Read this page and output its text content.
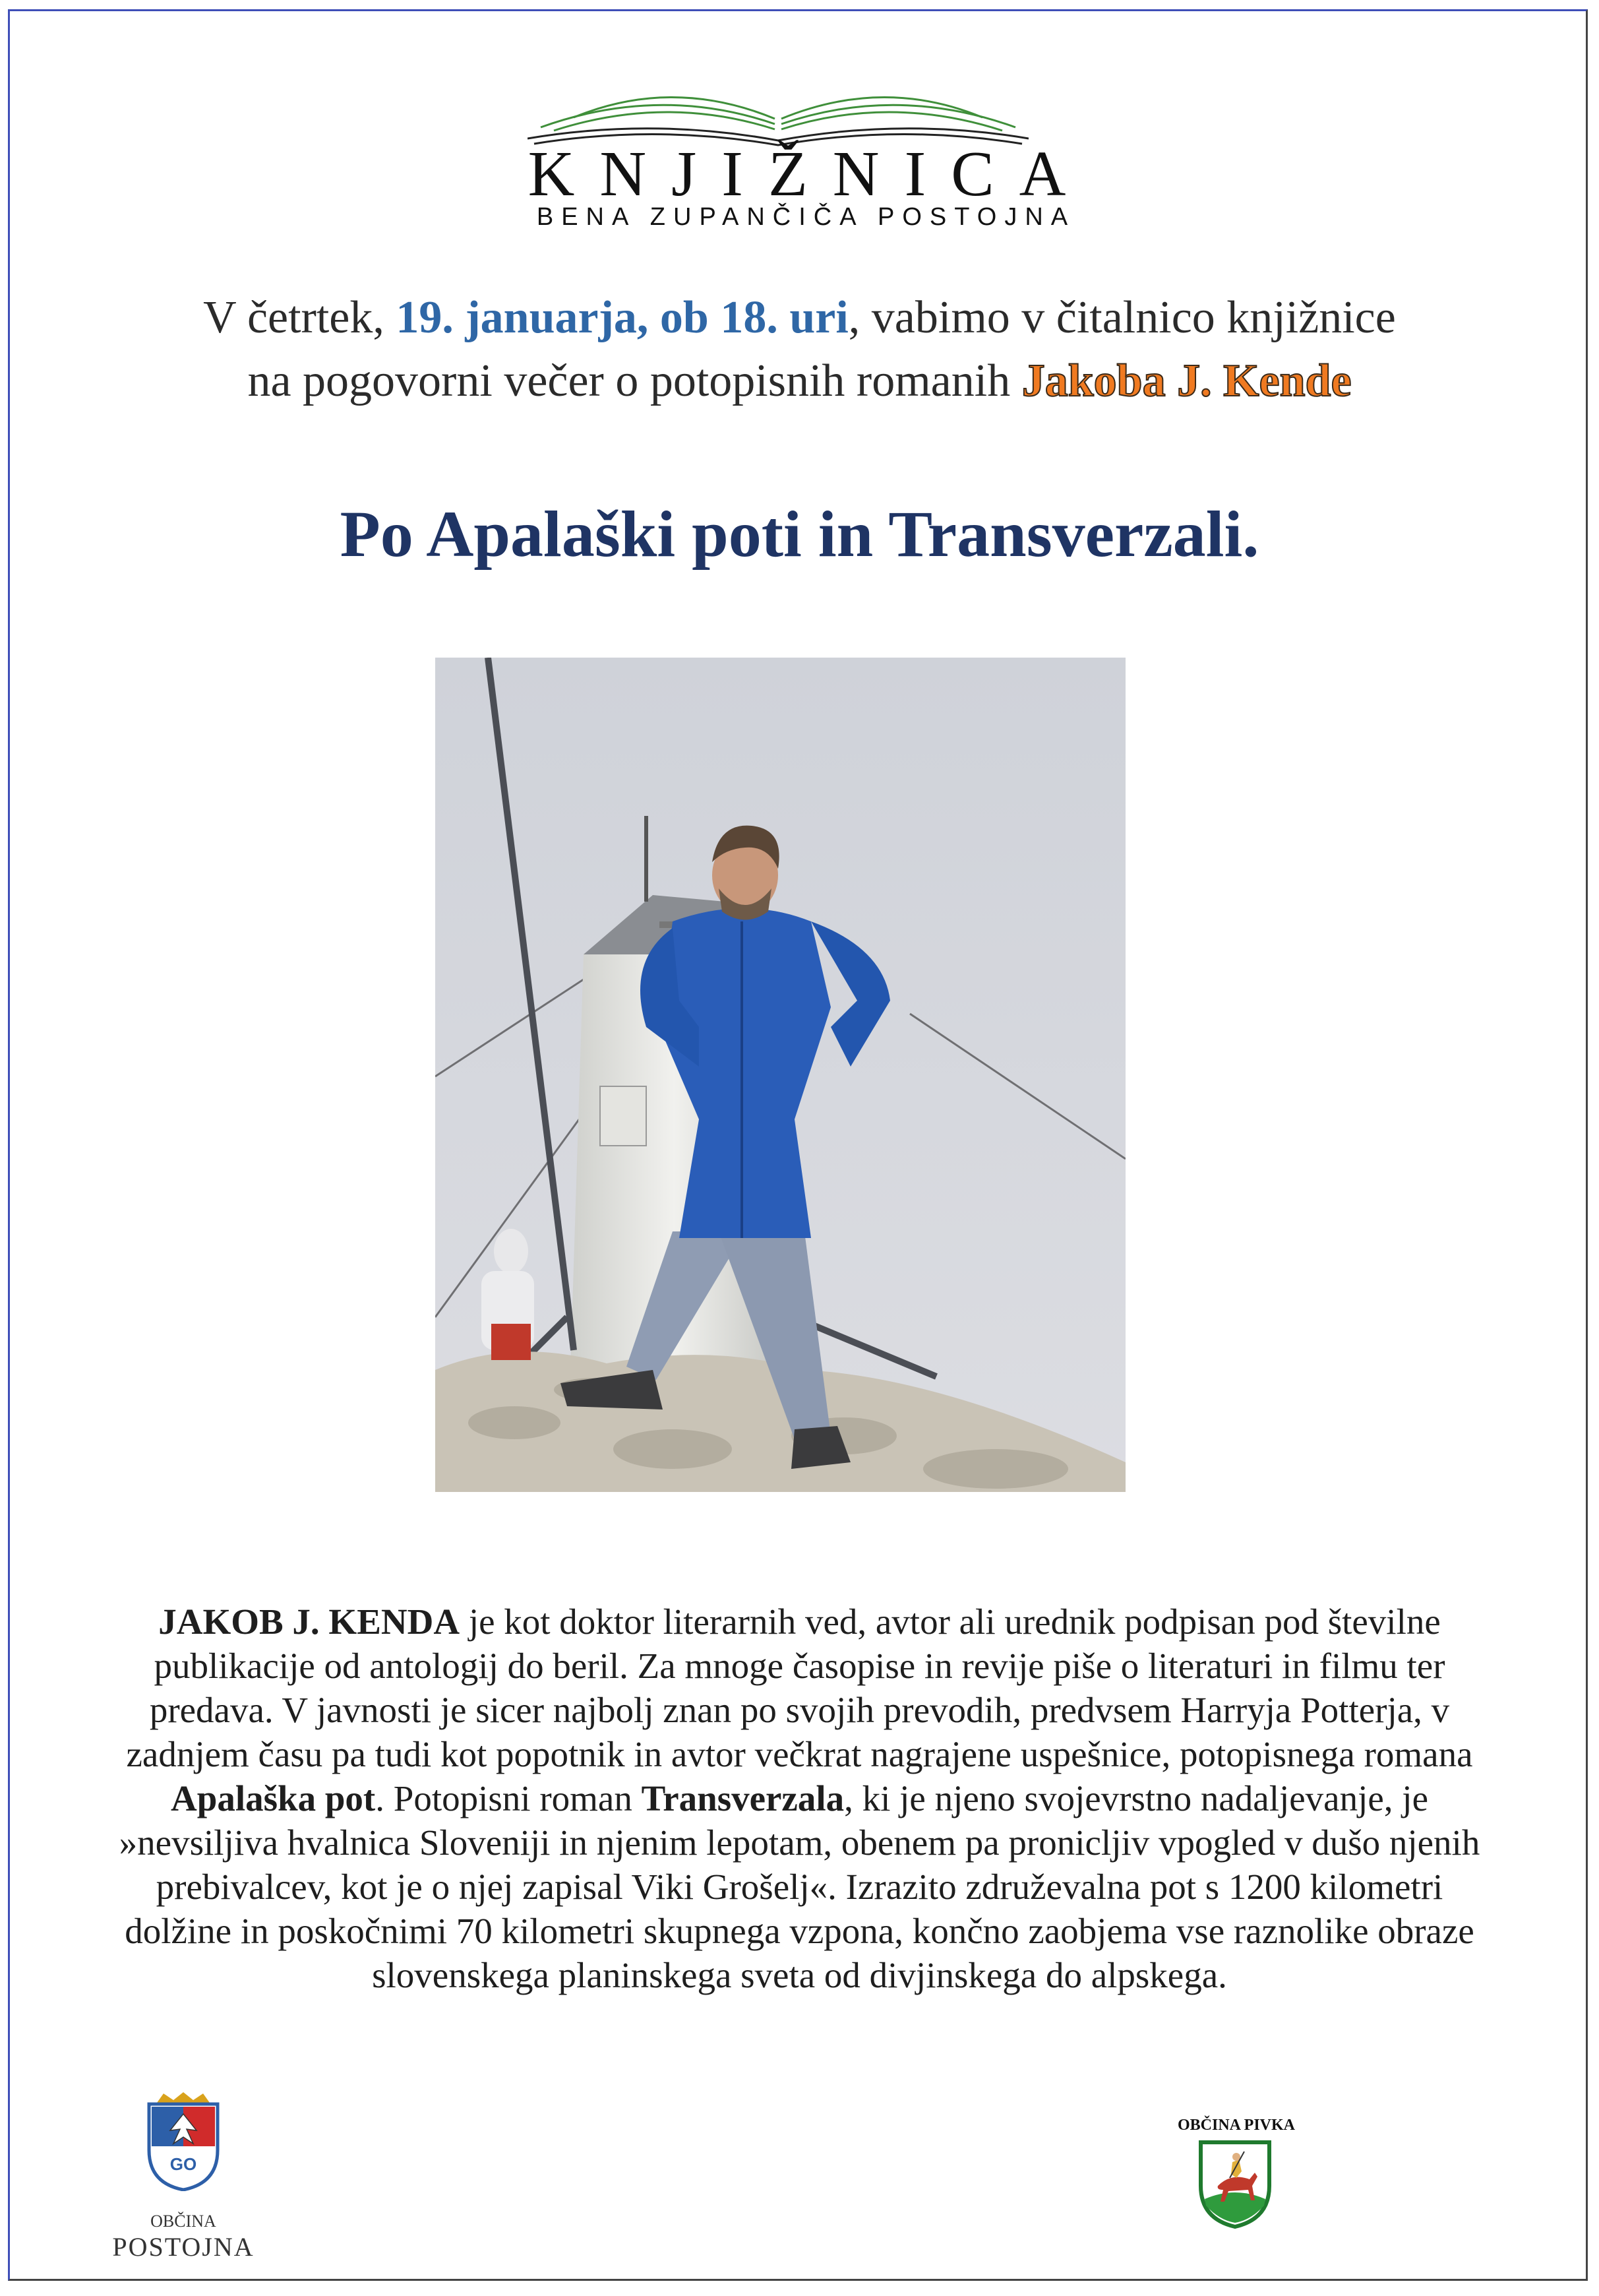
KNJIŽNICA
BENA ZUPANČIČA POSTOJNA
V četrtek, 19. januarja, ob 18. uri, vabimo v čitalnico knjižnice
na pogovorni večer o potopisnih romanih Jakoba J. Kende
Po Apalaški poti in Transverzali.
JAKOB J. KENDA je kot doktor literarnih ved, avtor ali urednik podpisan pod številne publikacije od antologij do beril. Za mnoge časopise in revije piše o literaturi in filmu ter predava. V javnosti je sicer najbolj znan po svojih prevodih, predvsem Harryja Potterja, v zadnjem času pa tudi kot popotnik in avtor večkrat nagrajene uspešnice, potopisnega romana Apalaška pot. Potopisni roman Transverzala, ki je njeno svojevrstno nadaljevanje, je »nevsiljiva hvalnica Sloveniji in njenim lepotam, obenem pa pronicljiv vpogled v dušo njenih prebivalcev, kot je o njej zapisal Viki Grošelj«. Izrazito združevalna pot s 1200 kilometri dolžine in poskočnimi 70 kilometri skupnega vzpona, končno zaobjema vse raznolike obraze slovenskega planinskega sveta od divjinskega do alpskega.
GO
OBČINA
POSTOJNA
OBČINA PIVKA
